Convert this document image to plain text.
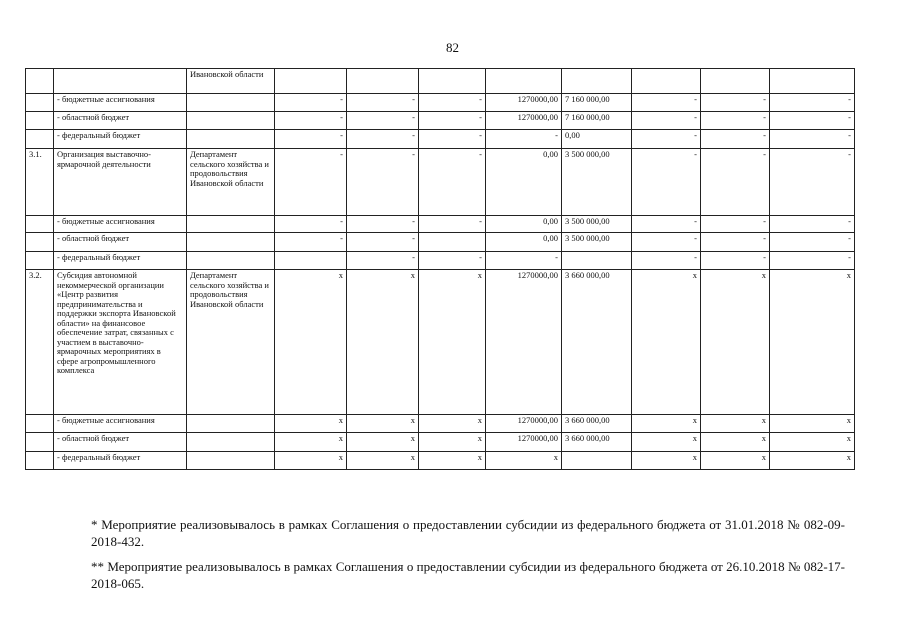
82
		Ивановской области								
	- бюджетные ассигнования		-	-	-	1270000,00	7 160 000,00	-	-	-
	- областной бюджет		-	-	-	1270000,00	7 160 000,00	-	-	-
	- федеральный бюджет		-	-	-	-	0,00	-	-	-
3.1.	Организация выставочно-ярмарочной деятельности	Департамент сельского хозяйства и продовольствия Ивановской области	-	-	-	0,00	3 500 000,00	-	-	-
	- бюджетные ассигнования		-	-	-	0,00	3 500 000,00	-	-	-
	- областной бюджет		-	-		0,00	3 500 000,00	-	-	-
	- федеральный бюджет			-	-	-		-	-	-
3.2.	Субсидия автономной некоммерческой организации «Центр развития предпринимательства и поддержки экспорта Ивановской области» на финансовое обеспечение затрат, связанных с участием в выставочно-ярмарочных мероприятиях в сфере агропромышленного комплекса	Департамент сельского хозяйства и продовольствия Ивановской области	x	x	x	1270000,00	3 660 000,00	x	x	x
	- бюджетные ассигнования		x	x	x	1270000,00	3 660 000,00	x	x	x
	- областной бюджет		x	x	x	1270000,00	3 660 000,00	x	x	x
	- федеральный бюджет		x	x	x	x		x	x	x

* Мероприятие реализовывалось в рамках Соглашения о предоставлении субсидии из федерального бюджета от 31.01.2018 № 082-09-2018-432.

** Мероприятие реализовывалось в рамках Соглашения о предоставлении субсидии из федерального бюджета от 26.10.2018 № 082-17-2018-065.
